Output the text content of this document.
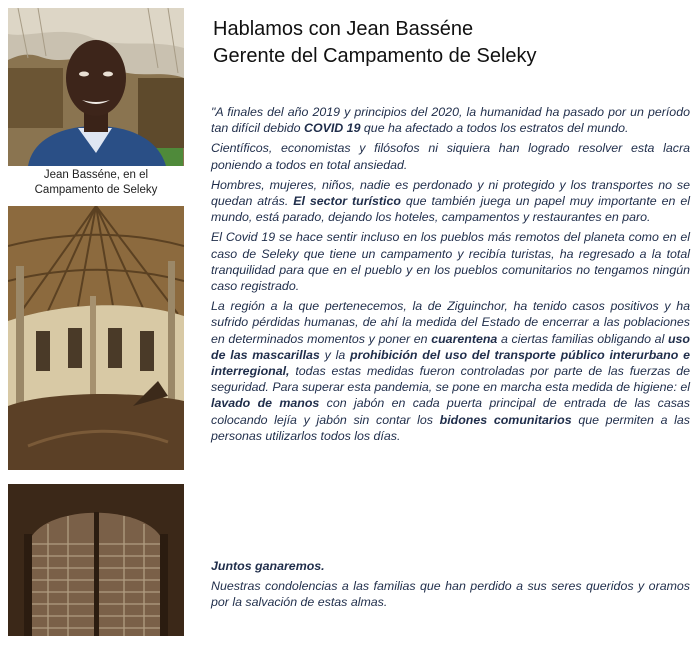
Jean Basséne, en el
Campamento de Seleky
Hablamos con Jean Basséne
Gerente del Campamento de Seleky

"A finales del año 2019 y principios del 2020, la humanidad ha pasado por un período tan difícil debido COVID 19 que ha afectado a todos los estratos del mundo.

Científicos, economistas y filósofos ni siquiera han logrado resolver esta lacra poniendo a todos en total ansiedad.

Hombres, mujeres, niños, nadie es perdonado y ni protegido y los transportes no se quedan atrás. El sector turístico que también juega un papel muy importante en el mundo, está parado, dejando los hoteles, campamentos y restaurantes en paro.

El Covid 19 se hace sentir incluso en los pueblos más remotos del planeta como en el caso de Seleky que tiene un campamento y recibía turistas, ha regresado a la total tranquilidad para que en el pueblo y en los pueblos comunitarios no tengamos ningún caso registrado.

La región a la que pertenecemos, la de Ziguinchor, ha tenido casos positivos y ha sufrido pérdidas humanas, de ahí la medida del Estado de encerrar a las poblaciones en determinados momentos y poner en cuarentena a ciertas familias obligando al uso de las mascarillas y la prohibición del uso del transporte público interurbano e interregional, todas estas medidas fueron controladas por parte de las fuerzas de seguridad. Para superar esta pandemia, se pone en marcha esta medida de higiene: el lavado de manos con jabón en cada puerta principal de entrada de las casas colocando lejía y jabón sin contar los bidones comunitarios que permiten a las personas utilizarlos todos los días.

Juntos ganaremos.

Nuestras condolencias a las familias que han perdido a sus seres queridos y oramos por la salvación de estas almas.
